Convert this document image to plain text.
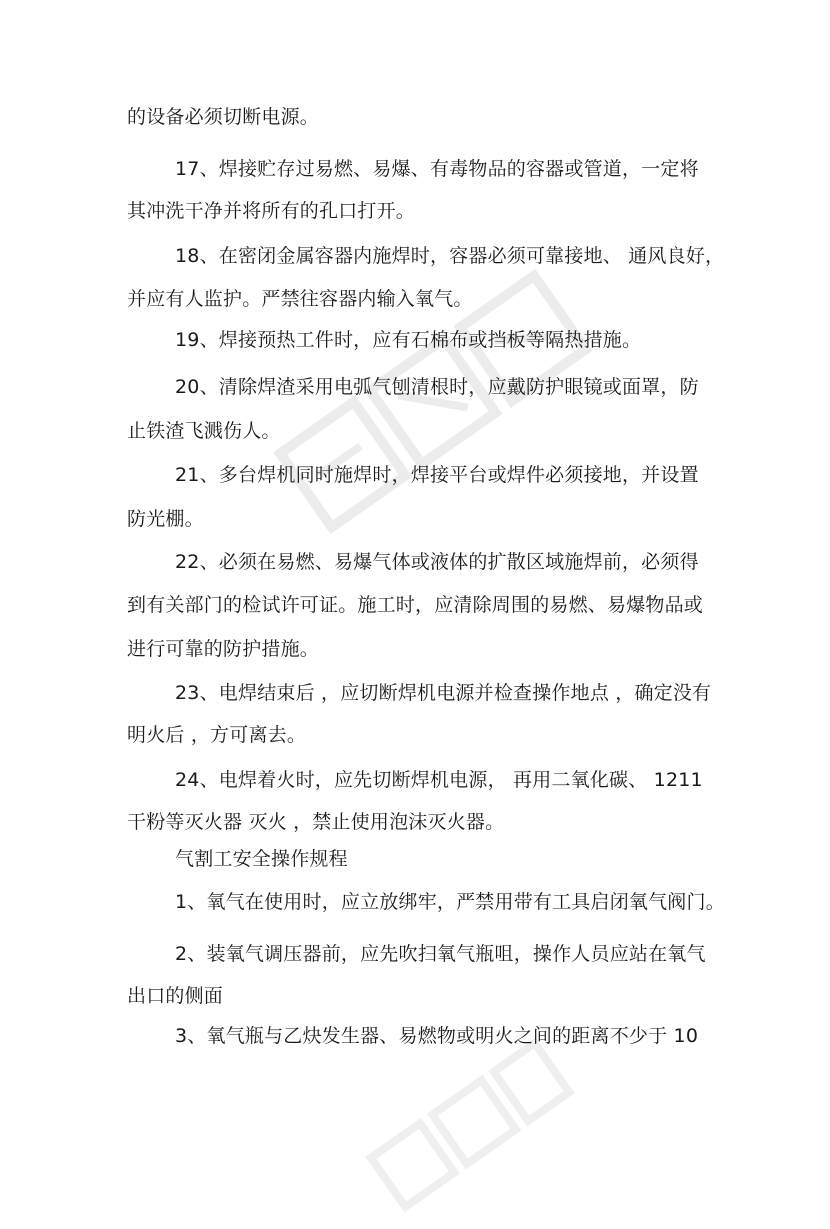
的设备必须切断电源。
17、焊接贮存过易燃、易爆、有毒物品的容器或管道，一定将
其冲洗干净并将所有的孔口打开。
18、在密闭金属容器内施焊时，容器必须可靠接地、 通风良好，
并应有人监护。严禁往容器内输入氧气。
19、焊接预热工件时，应有石棉布或挡板等隔热措施。
20、清除焊渣采用电弧气刨清根时，应戴防护眼镜或面罩，防
止铁渣飞溅伤人。
21、多台焊机同时施焊时，焊接平台或焊件必须接地，并设置
防光棚。
22、必须在易燃、易爆气体或液体的扩散区域施焊前，必须得
到有关部门的检试许可证。施工时，应清除周围的易燃、易爆物品或
进行可靠的防护措施。
23、电焊结束后 ，应切断焊机电源并检查操作地点 ，确定没有
明火后 ，方可离去。
24、电焊着火时，应先切断焊机电源， 再用二氧化碳、 1211
干粉等灭火器 灭火 ，禁止使用泡沫灭火器。
气割工安全操作规程
1、氧气在使用时，应立放绑牢，严禁用带有工具启闭氧气阀门。
2、装氧气调压器前，应先吹扫氧气瓶咀，操作人员应站在氧气
出口的侧面
3、氧气瓶与乙炔发生器、易燃物或明火之间的距离不少于 10
